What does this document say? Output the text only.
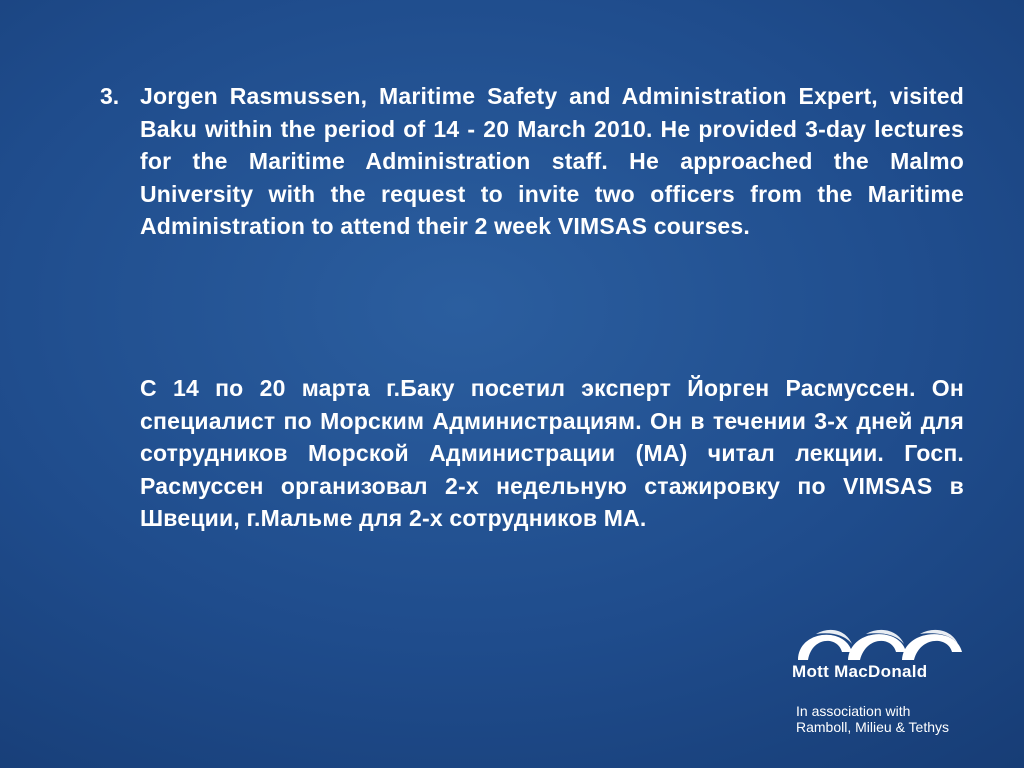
3. Jorgen Rasmussen, Maritime Safety and Administration Expert, visited Baku within the period of 14 - 20 March 2010. He provided 3-day lectures for the Maritime Administration staff. He approached the Malmo University with the request to invite two officers from the Maritime Administration to attend their 2 week VIMSAS courses.
С 14 по 20 марта г.Баку посетил эксперт Йорген Расмуссен. Он специалист по Морским Администрациям. Он в течении 3-х дней для сотрудников Морской Администрации (МА) читал лекции. Госп. Расмуссен организовал 2-х недельную стажировку по VIMSAS в Швеции, г.Мальме для 2-х сотрудников МА.
Mott MacDonald
In association with
Ramboll, Milieu & Tethys
